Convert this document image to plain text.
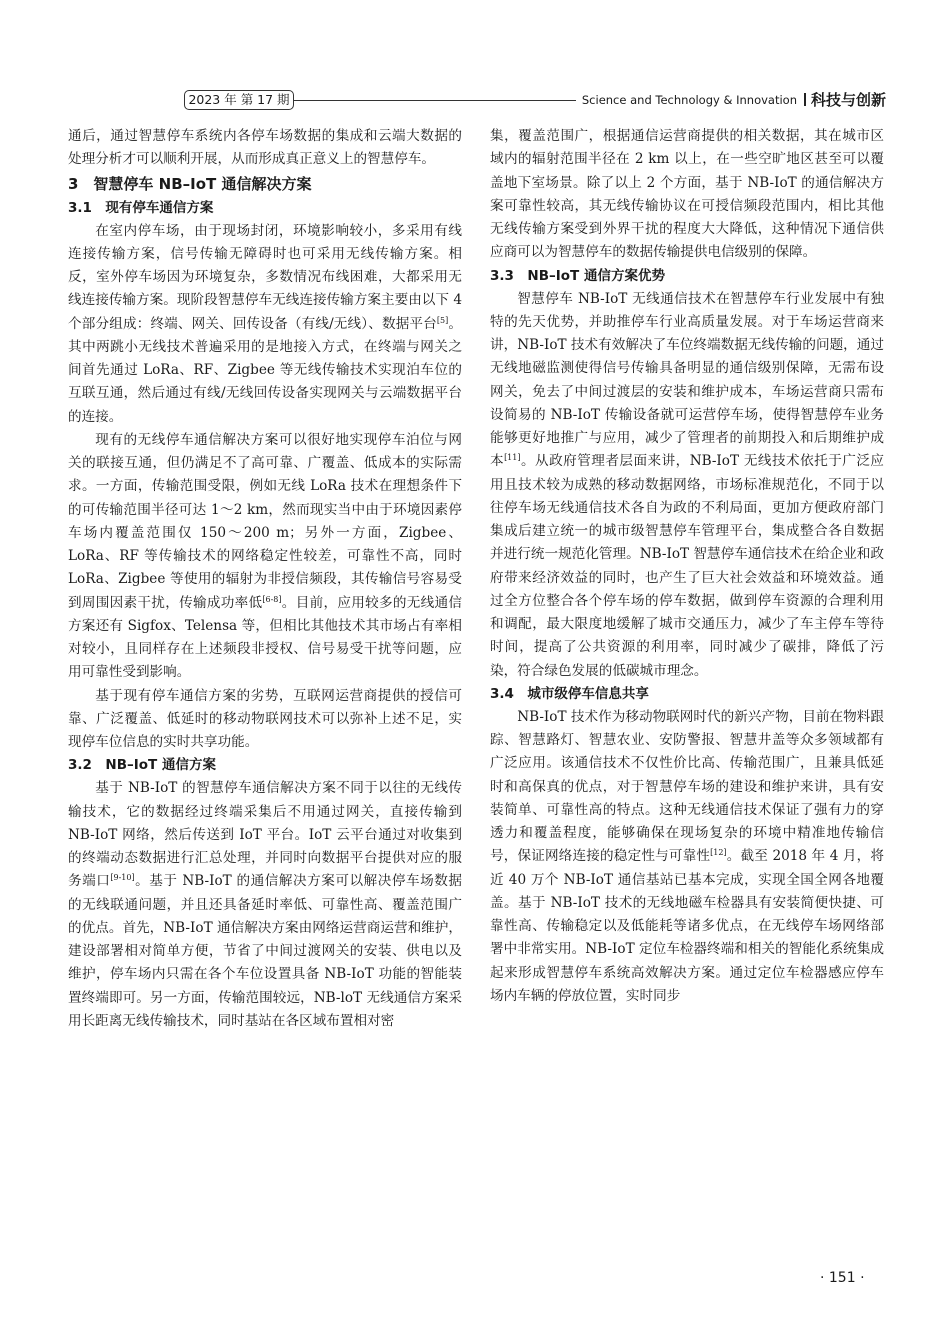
2023 年 第 17 期	Science and Technology & Innovation 科技与创新

通后，通过智慧停车系统内各停车场数据的集成和云端大数据的处理分析才可以顺利开展，从而形成真正意义上的智慧停车。

3　智慧停车 NB–IoT 通信解决方案
3.1　现有停车通信方案

在室内停车场，由于现场封闭，环境影响较小，多采用有线连接传输方案，信号传输无障碍时也可采用无线传输方案。相反，室外停车场因为环境复杂，多数情况布线困难，大都采用无线连接传输方案。现阶段智慧停车无线连接传输方案主要由以下 4 个部分组成：终端、网关、回传设备（有线/无线）、数据平台[5]。其中两跳小无线技术普遍采用的是地接入方式，在终端与网关之间首先通过 LoRa、RF、Zigbee 等无线传输技术实现泊车位的互联互通，然后通过有线/无线回传设备实现网关与云端数据平台的连接。

现有的无线停车通信解决方案可以很好地实现停车泊位与网关的联接互通，但仍满足不了高可靠、广覆盖、低成本的实际需求。一方面，传输范围受限，例如无线 LoRa 技术在理想条件下的可传输范围半径可达 1～2 km，然而现实当中由于环境因素停车场内覆盖范围仅 150～200 m；另外一方面，Zigbee、LoRa、RF 等传输技术的网络稳定性较差，可靠性不高，同时 LoRa、Zigbee 等使用的辐射为非授信频段，其传输信号容易受到周围因素干扰，传输成功率低[6-8]。目前，应用较多的无线通信方案还有 Sigfox、Telensa 等，但相比其他技术其市场占有率相对较小，且同样存在上述频段非授权、信号易受干扰等问题，应用可靠性受到影响。

基于现有停车通信方案的劣势，互联网运营商提供的授信可靠、广泛覆盖、低延时的移动物联网技术可以弥补上述不足，实现停车位信息的实时共享功能。

3.2　NB–IoT 通信方案

基于 NB-IoT 的智慧停车通信解决方案不同于以往的无线传输技术，它的数据经过终端采集后不用通过网关，直接传输到 NB-IoT 网络，然后传送到 IoT 平台。IoT 云平台通过对收集到的终端动态数据进行汇总处理，并同时向数据平台提供对应的服务端口[9-10]。基于 NB-IoT 的通信解决方案可以解决停车场数据的无线联通问题，并且还具备延时率低、可靠性高、覆盖范围广的优点。首先，NB-IoT 通信解决方案由网络运营商运营和维护，建设部署相对简单方便，节省了中间过渡网关的安装、供电以及维护，停车场内只需在各个车位设置具备 NB-IoT 功能的智能装置终端即可。另一方面，传输范围较远，NB-loT 无线通信方案采用长距离无线传输技术，同时基站在各区域布置相对密

集，覆盖范围广，根据通信运营商提供的相关数据，其在城市区域内的辐射范围半径在 2 km 以上，在一些空旷地区甚至可以覆盖地下室场景。除了以上 2 个方面，基于 NB-IoT 的通信解决方案可靠性较高，其无线传输协议在可授信频段范围内，相比其他无线传输方案受到外界干扰的程度大大降低，这种情况下通信供应商可以为智慧停车的数据传输提供电信级别的保障。

3.3　NB–IoT 通信方案优势

智慧停车 NB-IoT 无线通信技术在智慧停车行业发展中有独特的先天优势，并助推停车行业高质量发展。对于车场运营商来讲，NB-IoT 技术有效解决了车位终端数据无线传输的问题，通过无线地磁监测使得信号传输具备明显的通信级别保障，无需布设网关，免去了中间过渡层的安装和维护成本，车场运营商只需布设简易的 NB-IoT 传输设备就可运营停车场，使得智慧停车业务能够更好地推广与应用，减少了管理者的前期投入和后期维护成本[11]。从政府管理者层面来讲，NB-IoT 无线技术依托于广泛应用且技术较为成熟的移动数据网络，市场标准规范化，不同于以往停车场无线通信技术各自为政的不利局面，更加方便政府部门集成后建立统一的城市级智慧停车管理平台，集成整合各自数据并进行统一规范化管理。NB-IoT 智慧停车通信技术在给企业和政府带来经济效益的同时，也产生了巨大社会效益和环境效益。通过全方位整合各个停车场的停车数据，做到停车资源的合理利用和调配，最大限度地缓解了城市交通压力，减少了车主停车等待时间，提高了公共资源的利用率，同时减少了碳排，降低了污染，符合绿色发展的低碳城市理念。

3.4　城市级停车信息共享

NB-IoT 技术作为移动物联网时代的新兴产物，目前在物料跟踪、智慧路灯、智慧农业、安防警报、智慧井盖等众多领域都有广泛应用。该通信技术不仅性价比高、传输范围广，且兼具低延时和高保真的优点，对于智慧停车场的建设和维护来讲，具有安装简单、可靠性高的特点。这种无线通信技术保证了强有力的穿透力和覆盖程度，能够确保在现场复杂的环境中精准地传输信号，保证网络连接的稳定性与可靠性[12]。截至 2018 年 4 月，将近 40 万个 NB-IoT 通信基站已基本完成，实现全国全网各地覆盖。基于 NB-IoT 技术的无线地磁车检器具有安装简便快捷、可靠性高、传输稳定以及低能耗等诸多优点，在无线停车场网络部署中非常实用。NB-IoT 定位车检器终端和相关的智能化系统集成起来形成智慧停车系统高效解决方案。通过定位车检器感应停车场内车辆的停放位置，实时同步

· 151 ·
